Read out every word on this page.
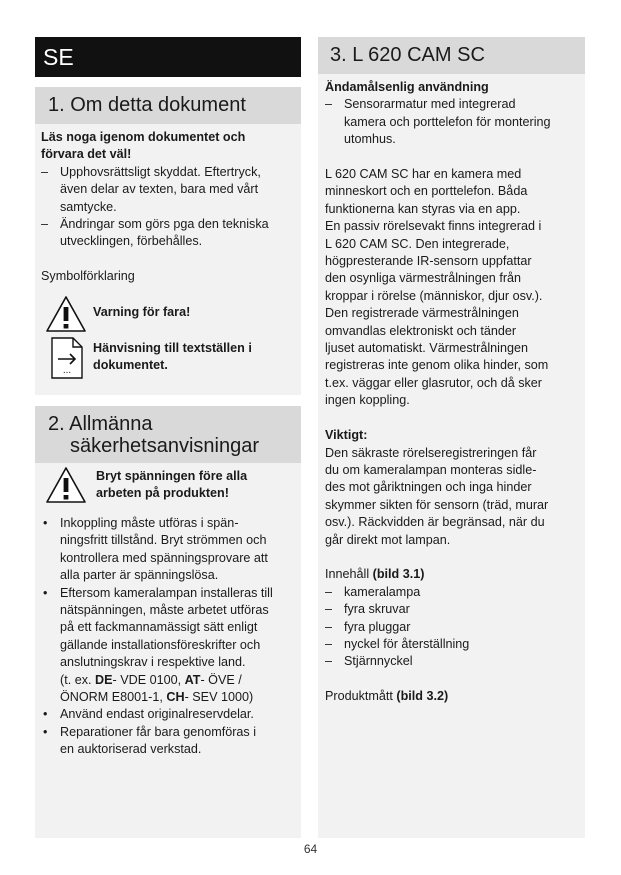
SE
1. Om detta dokument
Läs noga igenom dokumentet och
förvara det väl!
– Upphovsrättsligt skyddat. Eftertryck,
även delar av texten, bara med vårt
samtycke.
– Ändringar som görs pga den tekniska
utvecklingen, förbehålles.
Symbolförklaring
Varning för fara!
...
Hänvisning till textställen i
dokumentet.
2. Allmänna
säkerhetsanvisningar
Bryt spänningen före alla
arbeten på produkten!
• Inkoppling måste utföras i spän-
ningsfritt tillstånd. Bryt strömmen och
kontrollera med spänningsprovare att
alla parter är spänningslösa.
• Eftersom kameralampan installeras till
nätspänningen, måste arbetet utföras
på ett fackmannamässigt sätt enligt
gällande installationsföreskrifter och
anslutningskrav i respektive land.
(t. ex. DE- VDE 0100, AT- ÖVE /
ÖNORM E8001-1, CH- SEV 1000)
• Använd endast originalreservdelar.
• Reparationer får bara genomföras i
en auktoriserad verkstad.
3. L 620 CAM SC
Ändamålsenlig användning
– Sensorarmatur med integrerad
kamera och porttelefon för montering
utomhus.
L 620 CAM SC har en kamera med
minneskort och en porttelefon. Båda
funktionerna kan styras via en app.
En passiv rörelsevakt finns integrerad i
L 620 CAM SC. Den integrerade,
högpresterande IR-sensorn uppfattar
den osynliga värmestrålningen från
kroppar i rörelse (människor, djur osv.).
Den registrerade värmestrålningen
omvandlas elektroniskt och tänder
ljuset automatiskt. Värmestrålningen
registreras inte genom olika hinder, som
t.ex. väggar eller glasrutor, och då sker
ingen koppling.
Viktigt:
Den säkraste rörelseregistreringen får
du om kameralampan monteras sidle-
des mot gåriktningen och inga hinder
skymmer sikten för sensorn (träd, murar
osv.). Räckvidden är begränsad, när du
går direkt mot lampan.
Innehåll (bild 3.1)
– kameralampa
– fyra skruvar
– fyra pluggar
– nyckel för återställning
– Stjärnnyckel
Produktmått (bild 3.2)
64
